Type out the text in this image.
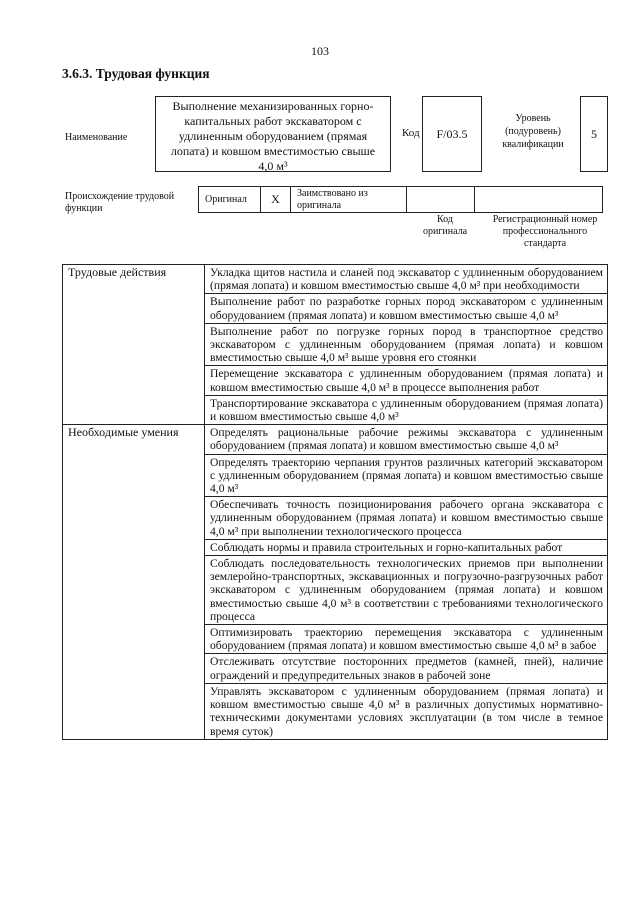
103
3.6.3. Трудовая функция
Наименование
Выполнение механизированных горно-
капитальных работ экскаватором с
удлиненным оборудованием (прямая
лопата) и ковшом вместимостью свыше
4,0 м³
Код	F/03.5
Уровень
(подуровень)
квалификации
5
Происхождение трудовой
функции
Оригинал	X	Заимствовано из
оригинала		
Код
оригинала
Регистрационный номер
профессионального
стандарта
Трудовые действия	Укладка щитов настила и сланей под экскаватор с удлиненным оборудованием (прямая лопата) и ковшом вместимостью свыше 4,0 м³ при необходимости
	Выполнение работ по разработке горных пород экскаватором с удлиненным оборудованием (прямая лопата) и ковшом вместимостью свыше 4,0 м³
	Выполнение работ по погрузке горных пород в транспортное средство экскаватором с удлиненным оборудованием (прямая лопата) и ковшом вместимостью свыше 4,0 м³ выше уровня его стоянки
	Перемещение экскаватора с удлиненным оборудованием (прямая лопата) и ковшом вместимостью свыше 4,0 м³ в процессе выполнения работ
	Транспортирование экскаватора с удлиненным оборудованием (прямая лопата) и ковшом вместимостью свыше 4,0 м³
Необходимые умения	Определять рациональные рабочие режимы экскаватора с удлиненным оборудованием (прямая лопата) и ковшом вместимостью свыше 4,0 м³
	Определять траекторию черпания грунтов различных категорий экскаватором с удлиненным оборудованием (прямая лопата) и ковшом вместимостью свыше 4,0 м³
	Обеспечивать точность позиционирования рабочего органа экскаватора с удлиненным оборудованием (прямая лопата) и ковшом вместимостью свыше 4,0 м³ при выполнении технологического процесса
	Соблюдать нормы и правила строительных и горно-капитальных работ
	Соблюдать последовательность технологических приемов при выполнении землеройно-транспортных, экскавационных и погрузочно-разгрузочных работ экскаватором с удлиненным оборудованием (прямая лопата) и ковшом вместимостью свыше 4,0 м³ в соответствии с требованиями технологического процесса
	Оптимизировать траекторию перемещения экскаватора с удлиненным оборудованием (прямая лопата) и ковшом вместимостью свыше 4,0 м³ в забое
	Отслеживать отсутствие посторонних предметов (камней, пней), наличие ограждений и предупредительных знаков в рабочей зоне
	Управлять экскаватором с удлиненным оборудованием (прямая лопата) и ковшом вместимостью свыше 4,0 м³ в различных допустимых нормативно-техническими документами условиях эксплуатации (в том числе в темное время суток)
